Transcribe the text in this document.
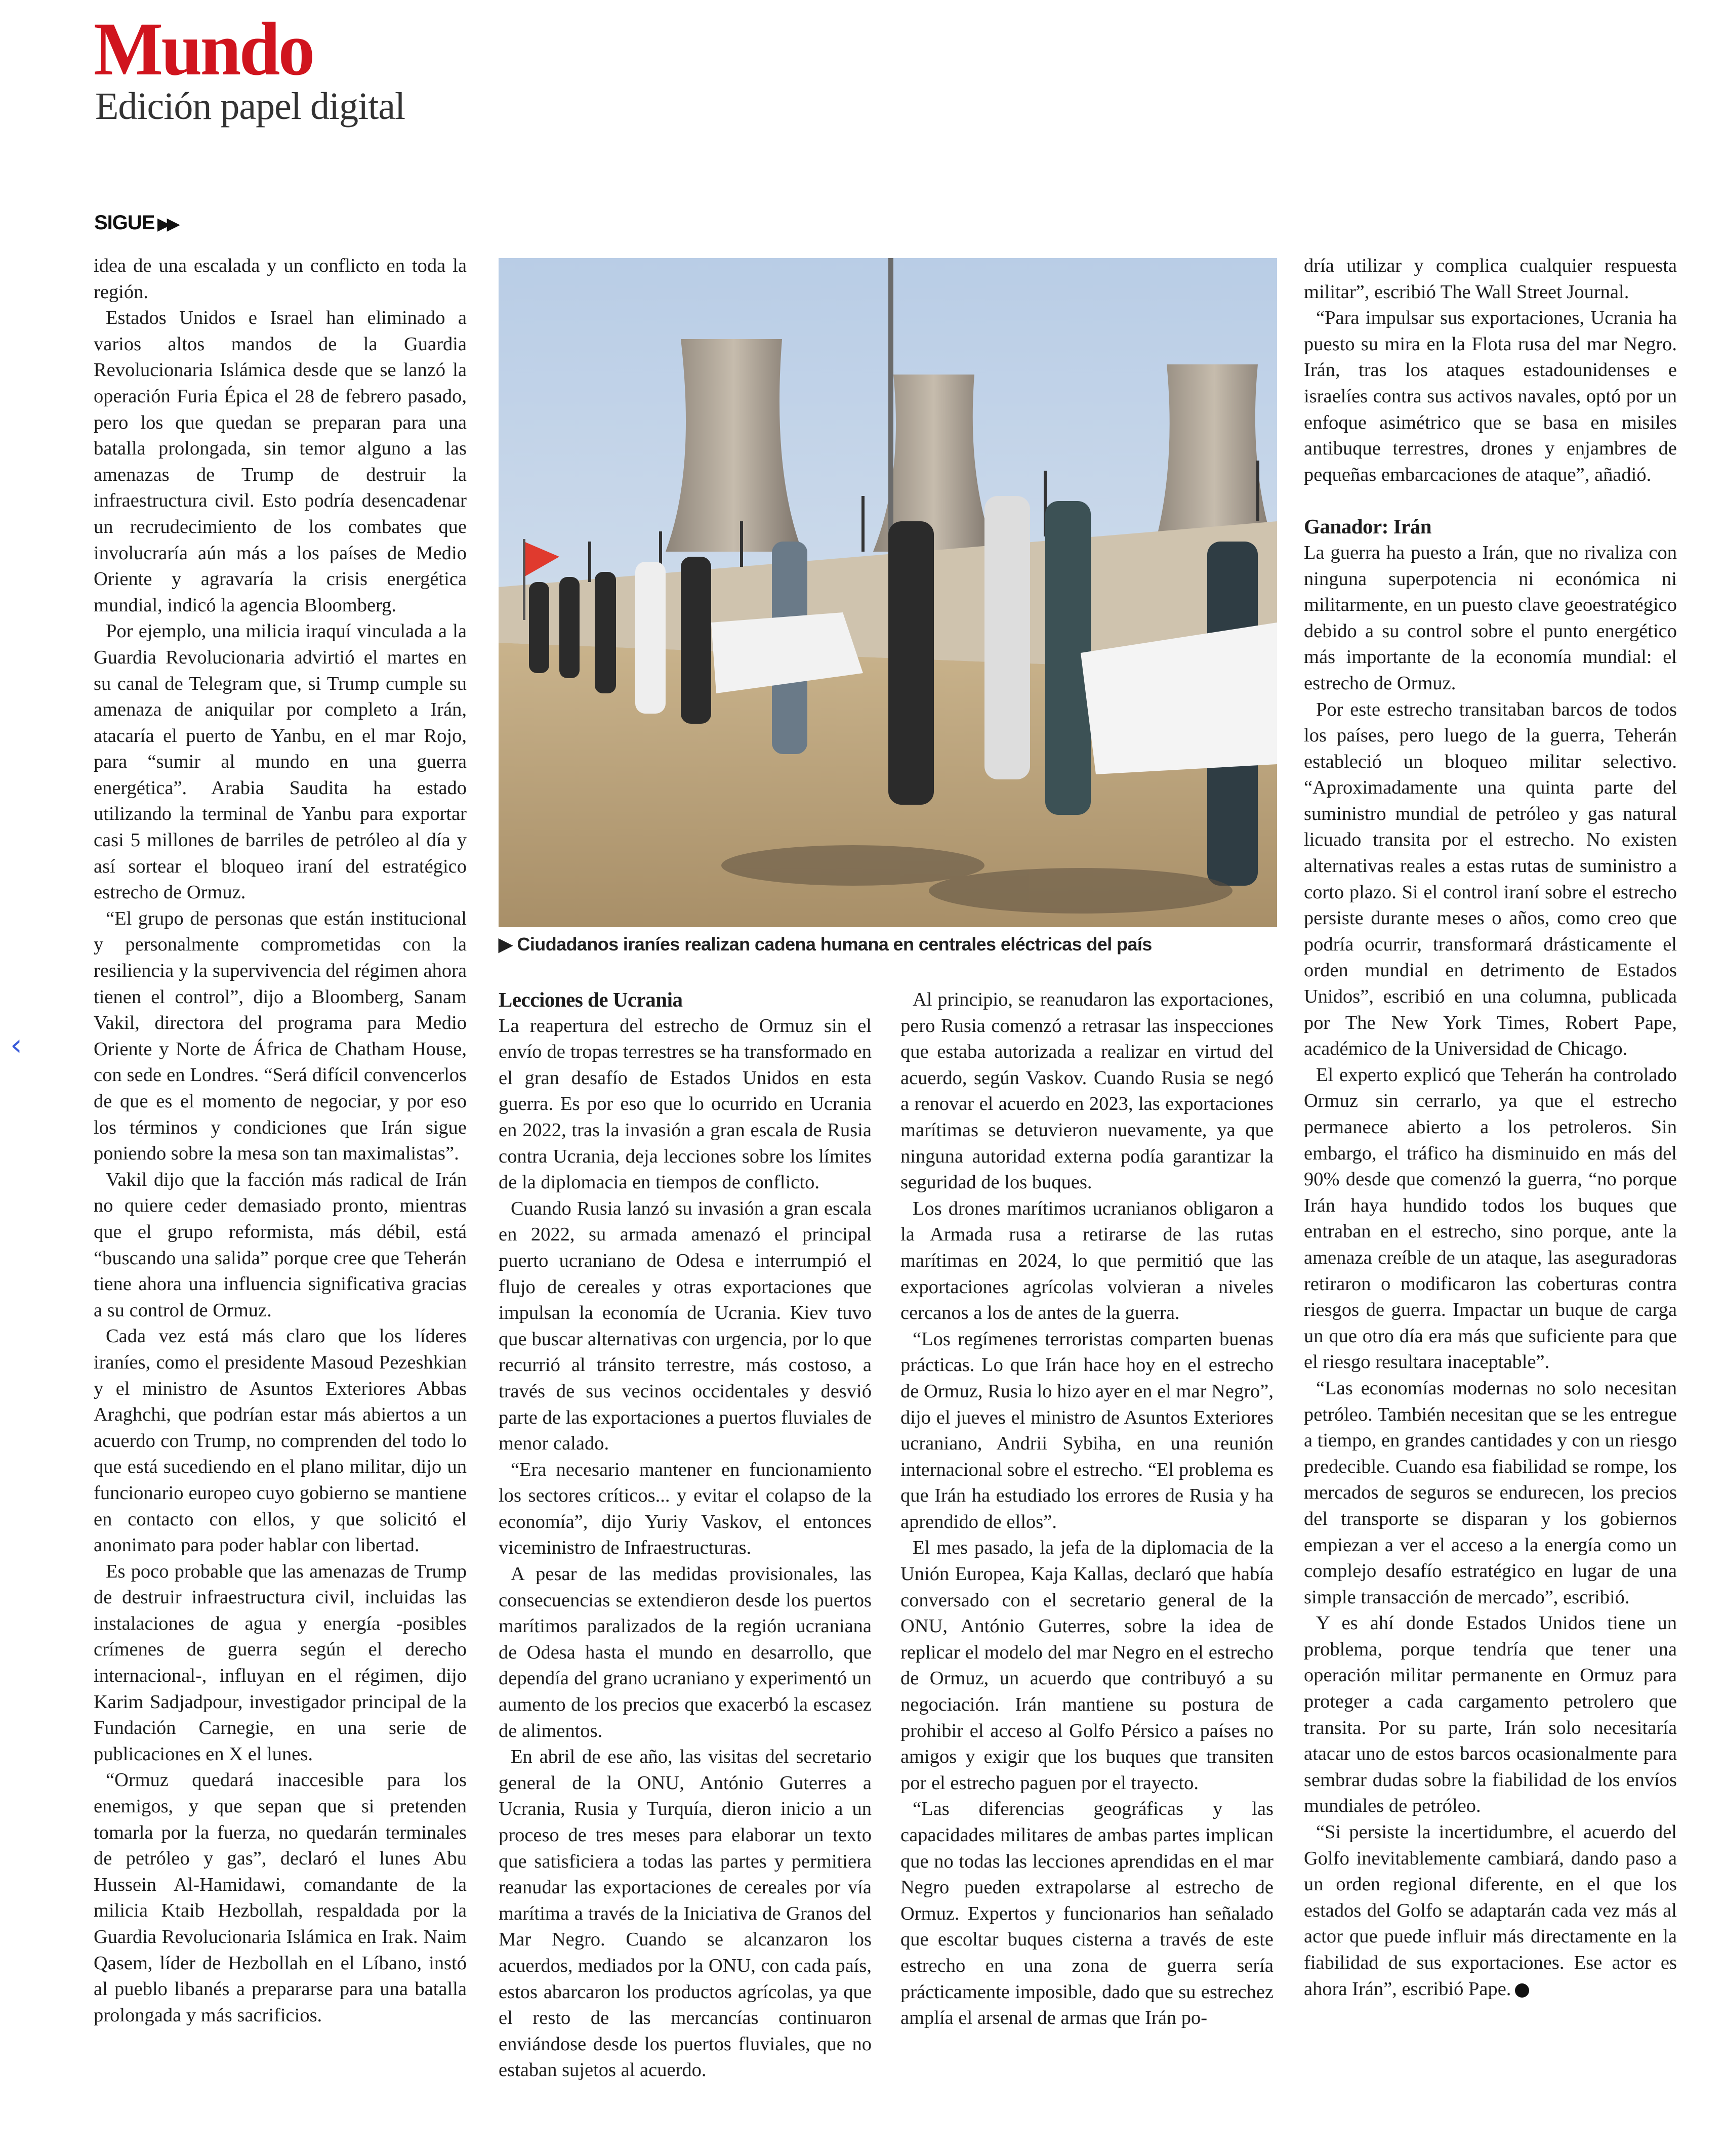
‹
Mundo
Edición papel digital
SIGUE ▶▶

idea de una escalada y un conflicto en toda la región.

Estados Unidos e Israel han eliminado a varios altos mandos de la Guardia Revolucionaria Islámica desde que se lanzó la operación Furia Épica el 28 de febrero pasado, pero los que quedan se preparan para una batalla prolongada, sin temor alguno a las amenazas de Trump de destruir la infraestructura civil. Esto podría desencadenar un recrudecimiento de los combates que involucraría aún más a los países de Medio Oriente y agravaría la crisis energética mundial, indicó la agencia Bloomberg.

Por ejemplo, una milicia iraquí vinculada a la Guardia Revolucionaria advirtió el martes en su canal de Telegram que, si Trump cumple su amenaza de aniquilar por completo a Irán, atacaría el puerto de Yanbu, en el mar Rojo, para “sumir al mundo en una guerra energética”. Arabia Saudita ha estado utilizando la terminal de Yanbu para exportar casi 5 millones de barriles de petróleo al día y así sortear el bloqueo iraní del estratégico estrecho de Ormuz.

“El grupo de personas que están institucional y personalmente comprometidas con la resiliencia y la supervivencia del régimen ahora tienen el control”, dijo a Bloomberg, Sanam Vakil, directora del programa para Medio Oriente y Norte de África de Chatham House, con sede en Londres. “Será difícil convencerlos de que es el momento de negociar, y por eso los términos y condiciones que Irán sigue poniendo sobre la mesa son tan maximalistas”.

Vakil dijo que la facción más radical de Irán no quiere ceder demasiado pronto, mientras que el grupo reformista, más débil, está “buscando una salida” porque cree que Teherán tiene ahora una influencia significativa gracias a su control de Ormuz.

Cada vez está más claro que los líderes iraníes, como el presidente Masoud Pezeshkian y el ministro de Asuntos Exteriores Abbas Araghchi, que podrían estar más abiertos a un acuerdo con Trump, no comprenden del todo lo que está sucediendo en el plano militar, dijo un funcionario europeo cuyo gobierno se mantiene en contacto con ellos, y que solicitó el anonimato para poder hablar con libertad.

Es poco probable que las amenazas de Trump de destruir infraestructura civil, incluidas las instalaciones de agua y energía -posibles crímenes de guerra según el derecho internacional-, influyan en el régimen, dijo Karim Sadjadpour, investigador principal de la Fundación Carnegie, en una serie de publicaciones en X el lunes.

“Ormuz quedará inaccesible para los enemigos, y que sepan que si pretenden tomarla por la fuerza, no quedarán terminales de petróleo y gas”, declaró el lunes Abu Hussein Al-Hamidawi, comandante de la milicia Ktaib Hezbollah, respaldada por la Guardia Revolucionaria Islámica en Irak. Naim Qasem, líder de Hezbollah en el Líbano, instó al pueblo libanés a prepararse para una batalla prolongada y más sacrificios.

▶ Ciudadanos iraníes realizan cadena humana en centrales eléctricas del país
Lecciones de Ucrania

La reapertura del estrecho de Ormuz sin el envío de tropas terrestres se ha transformado en el gran desafío de Estados Unidos en esta guerra. Es por eso que lo ocurrido en Ucrania en 2022, tras la invasión a gran escala de Rusia contra Ucrania, deja lecciones sobre los límites de la diplomacia en tiempos de conflicto.

Cuando Rusia lanzó su invasión a gran escala en 2022, su armada amenazó el principal puerto ucraniano de Odesa e interrumpió el flujo de cereales y otras exportaciones que impulsan la economía de Ucrania. Kiev tuvo que buscar alternativas con urgencia, por lo que recurrió al tránsito terrestre, más costoso, a través de sus vecinos occidentales y desvió parte de las exportaciones a puertos fluviales de menor calado.

“Era necesario mantener en funcionamiento los sectores críticos... y evitar el colapso de la economía”, dijo Yuriy Vaskov, el entonces viceministro de Infraestructuras.

A pesar de las medidas provisionales, las consecuencias se extendieron desde los puertos marítimos paralizados de la región ucraniana de Odesa hasta el mundo en desarrollo, que dependía del grano ucraniano y experimentó un aumento de los precios que exacerbó la escasez de alimentos.

En abril de ese año, las visitas del secretario general de la ONU, António Guterres a Ucrania, Rusia y Turquía, dieron inicio a un proceso de tres meses para elaborar un texto que satisficiera a todas las partes y permitiera reanudar las exportaciones de cereales por vía marítima a través de la Iniciativa de Granos del Mar Negro. Cuando se alcanzaron los acuerdos, mediados por la ONU, con cada país, estos abarcaron los productos agrícolas, ya que el resto de las mercancías continuaron enviándose desde los puertos fluviales, que no estaban sujetos al acuerdo.

Al principio, se reanudaron las exportaciones, pero Rusia comenzó a retrasar las inspecciones que estaba autorizada a realizar en virtud del acuerdo, según Vaskov. Cuando Rusia se negó a renovar el acuerdo en 2023, las exportaciones marítimas se detuvieron nuevamente, ya que ninguna autoridad externa podía garantizar la seguridad de los buques.

Los drones marítimos ucranianos obligaron a la Armada rusa a retirarse de las rutas marítimas en 2024, lo que permitió que las exportaciones agrícolas volvieran a niveles cercanos a los de antes de la guerra.

“Los regímenes terroristas comparten buenas prácticas. Lo que Irán hace hoy en el estrecho de Ormuz, Rusia lo hizo ayer en el mar Negro”, dijo el jueves el ministro de Asuntos Exteriores ucraniano, Andrii Sybiha, en una reunión internacional sobre el estrecho. “El problema es que Irán ha estudiado los errores de Rusia y ha aprendido de ellos”.

El mes pasado, la jefa de la diplomacia de la Unión Europea, Kaja Kallas, declaró que había conversado con el secretario general de la ONU, António Guterres, sobre la idea de replicar el modelo del mar Negro en el estrecho de Ormuz, un acuerdo que contribuyó a su negociación. Irán mantiene su postura de prohibir el acceso al Golfo Pérsico a países no amigos y exigir que los buques que transiten por el estrecho paguen por el trayecto.

“Las diferencias geográficas y las capacidades militares de ambas partes implican que no todas las lecciones aprendidas en el mar Negro pueden extrapolarse al estrecho de Ormuz. Expertos y funcionarios han señalado que escoltar buques cisterna a través de este estrecho en una zona de guerra sería prácticamente imposible, dado que su estrechez amplía el arsenal de armas que Irán po-

dría utilizar y complica cualquier respuesta militar”, escribió The Wall Street Journal.

“Para impulsar sus exportaciones, Ucrania ha puesto su mira en la Flota rusa del mar Negro. Irán, tras los ataques estadounidenses e israelíes contra sus activos navales, optó por un enfoque asimétrico que se basa en misiles antibuque terrestres, drones y enjambres de pequeñas embarcaciones de ataque”, añadió.

Ganador: Irán

La guerra ha puesto a Irán, que no rivaliza con ninguna superpotencia ni económica ni militarmente, en un puesto clave geoestratégico debido a su control sobre el punto energético más importante de la economía mundial: el estrecho de Ormuz.

Por este estrecho transitaban barcos de todos los países, pero luego de la guerra, Teherán estableció un bloqueo militar selectivo. “Aproximadamente una quinta parte del suministro mundial de petróleo y gas natural licuado transita por el estrecho. No existen alternativas reales a estas rutas de suministro a corto plazo. Si el control iraní sobre el estrecho persiste durante meses o años, como creo que podría ocurrir, transformará drásticamente el orden mundial en detrimento de Estados Unidos”, escribió en una columna, publicada por The New York Times, Robert Pape, académico de la Universidad de Chicago.

El experto explicó que Teherán ha controlado Ormuz sin cerrarlo, ya que el estrecho permanece abierto a los petroleros. Sin embargo, el tráfico ha disminuido en más del 90% desde que comenzó la guerra, “no porque Irán haya hundido todos los buques que entraban en el estrecho, sino porque, ante la amenaza creíble de un ataque, las aseguradoras retiraron o modificaron las coberturas contra riesgos de guerra. Impactar un buque de carga un que otro día era más que suficiente para que el riesgo resultara inaceptable”.

“Las economías modernas no solo necesitan petróleo. También necesitan que se les entregue a tiempo, en grandes cantidades y con un riesgo predecible. Cuando esa fiabilidad se rompe, los mercados de seguros se endurecen, los precios del transporte se disparan y los gobiernos empiezan a ver el acceso a la energía como un complejo desafío estratégico en lugar de una simple transacción de mercado”, escribió.

Y es ahí donde Estados Unidos tiene un problema, porque tendría que tener una operación militar permanente en Ormuz para proteger a cada cargamento petrolero que transita. Por su parte, Irán solo necesitaría atacar uno de estos barcos ocasionalmente para sembrar dudas sobre la fiabilidad de los envíos mundiales de petróleo.

“Si persiste la incertidumbre, el acuerdo del Golfo inevitablemente cambiará, dando paso a un orden regional diferente, en el que los estados del Golfo se adaptarán cada vez más al actor que puede influir más directamente en la fiabilidad de sus exportaciones. Ese actor es ahora Irán”, escribió Pape.
